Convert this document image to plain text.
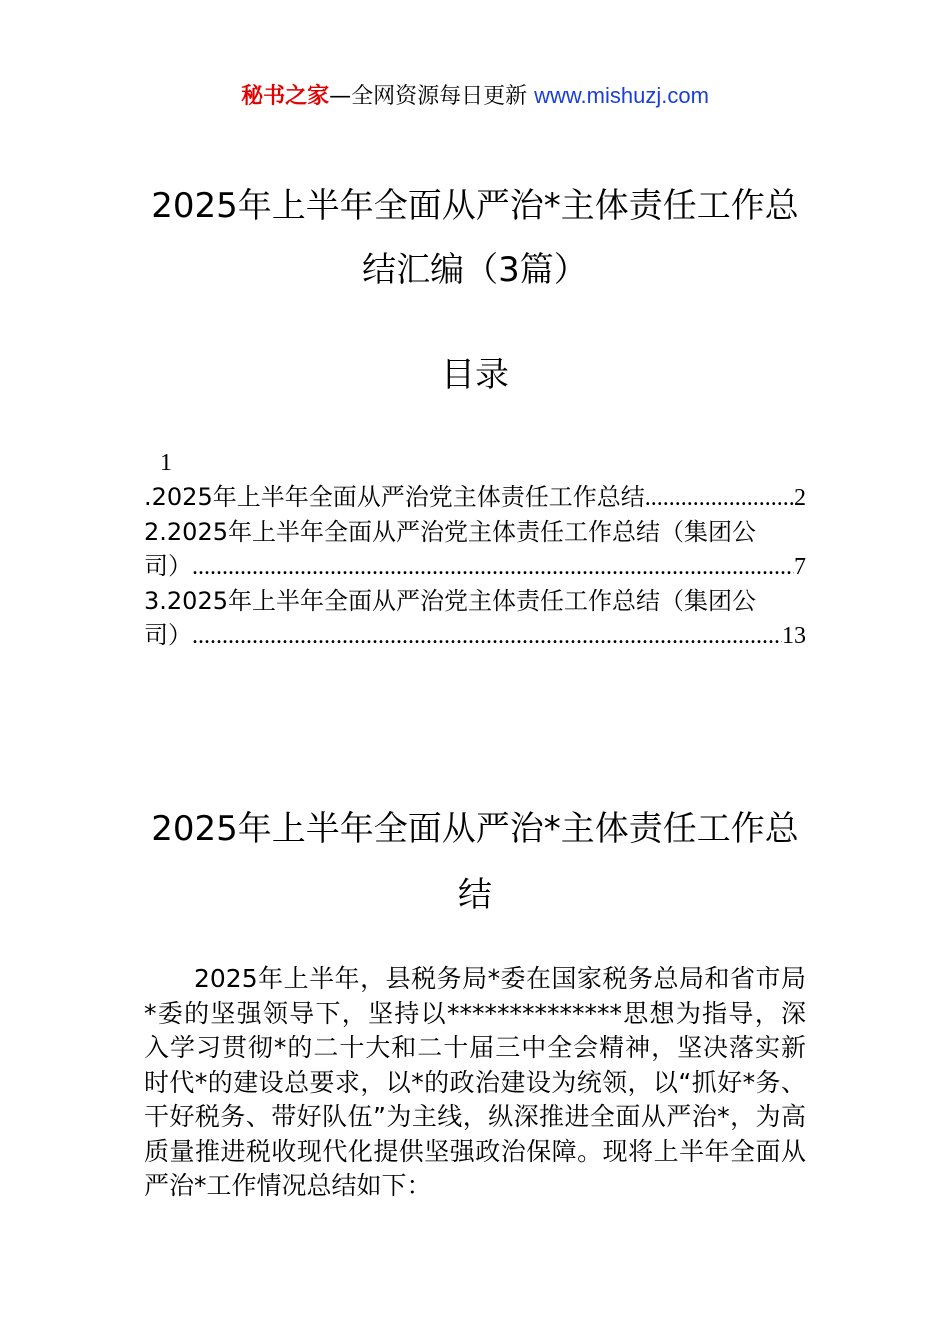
秘书之家—全网资源每日更新 www.mishuzj.com
2025年上半年全面从严治*主体责任工作总结汇编（3篇）
目录
1
.2025年上半年全面从严治党主体责任工作总结 .....	2
2.2025年上半年全面从严治党主体责任工作总结（集团公
司） .....	7
3.2025年上半年全面从严治党主体责任工作总结（集团公
司） .....	13
2025年上半年全面从严治*主体责任工作总结
2025年上半年，县税务局*委在国家税务总局和省市局*委的坚强领导下，坚持以**************思想为指导，深入学习贯彻*的二十大和二十届三中全会精神，坚决落实新时代*的建设总要求，以*的政治建设为统领，以“抓好*务、干好税务、带好队伍”为主线，纵深推进全面从严治*，为高质量推进税收现代化提供坚强政治保障。现将上半年全面从严治*工作情况总结如下：
